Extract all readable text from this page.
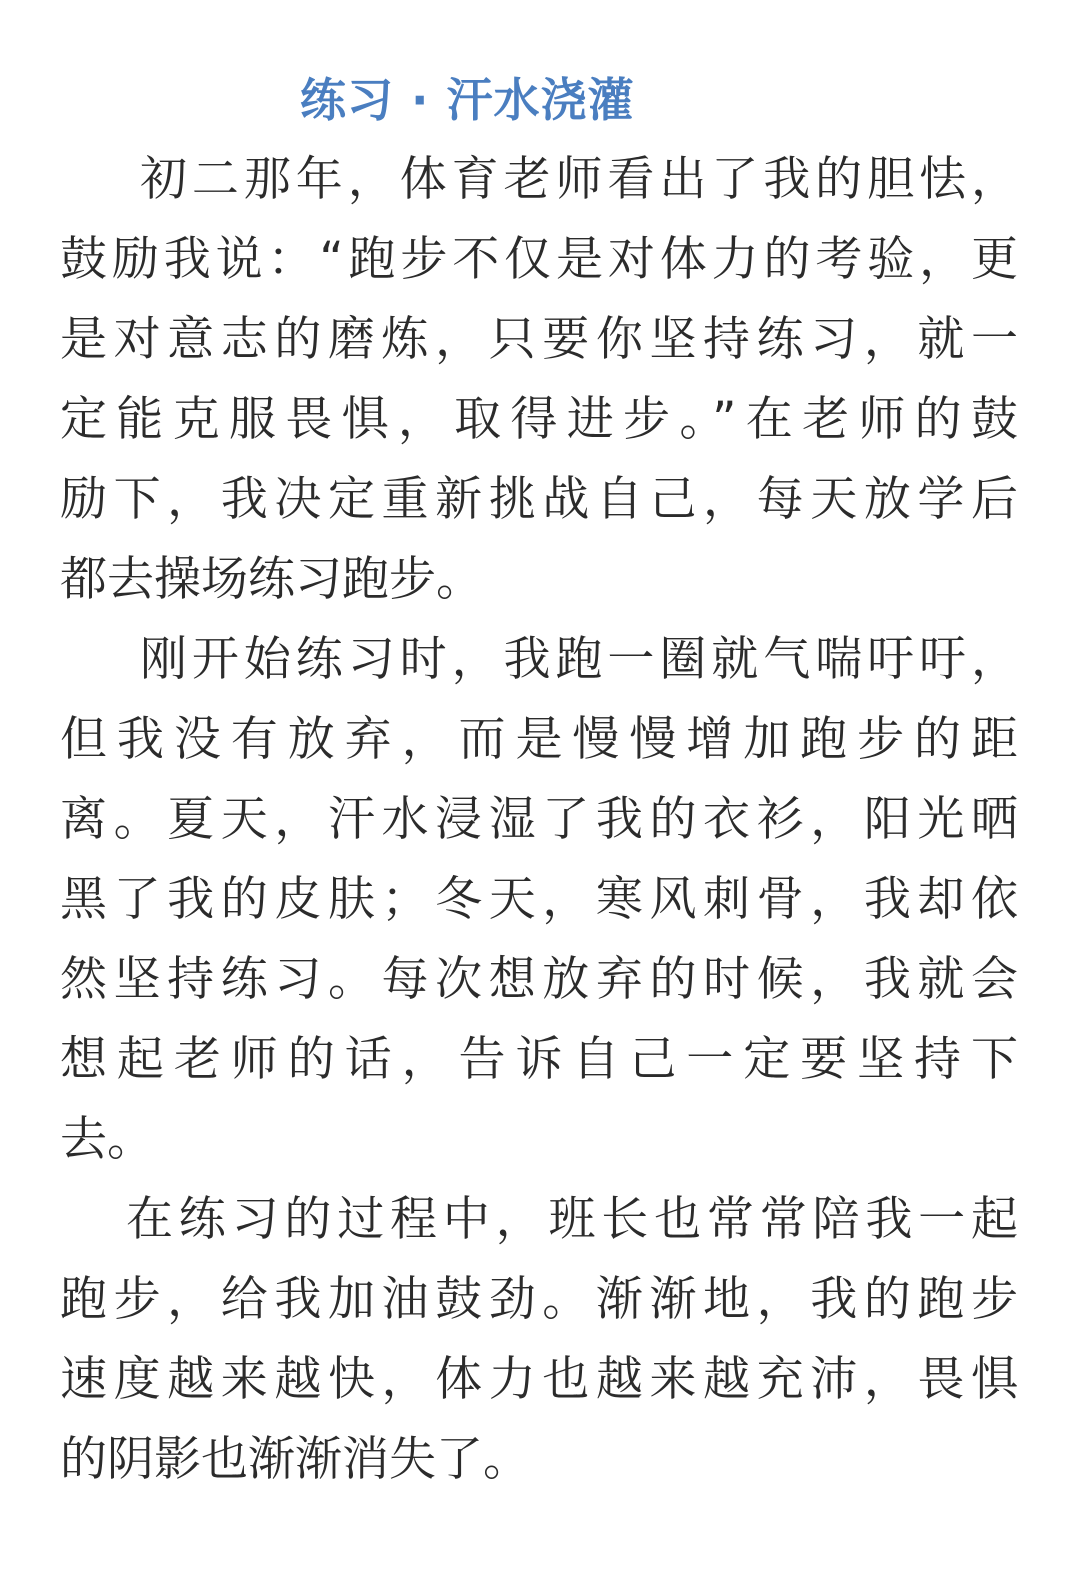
练习 · 汗水浇灌
初二那年，体育老师看出了我的胆怯，
鼓励我说：“跑步不仅是对体力的考验，更
是对意志的磨炼，只要你坚持练习，就一
定能克服畏惧，取得进步。”在老师的鼓
励下，我决定重新挑战自己，每天放学后
都去操场练习跑步。
刚开始练习时，我跑一圈就气喘吁吁，
但我没有放弃，而是慢慢增加跑步的距
离。夏天，汗水浸湿了我的衣衫，阳光晒
黑了我的皮肤；冬天，寒风刺骨，我却依
然坚持练习。每次想放弃的时候，我就会
想起老师的话，告诉自己一定要坚持下
去。
在练习的过程中，班长也常常陪我一起
跑步，给我加油鼓劲。渐渐地，我的跑步
速度越来越快，体力也越来越充沛，畏惧
的阴影也渐渐消失了。
